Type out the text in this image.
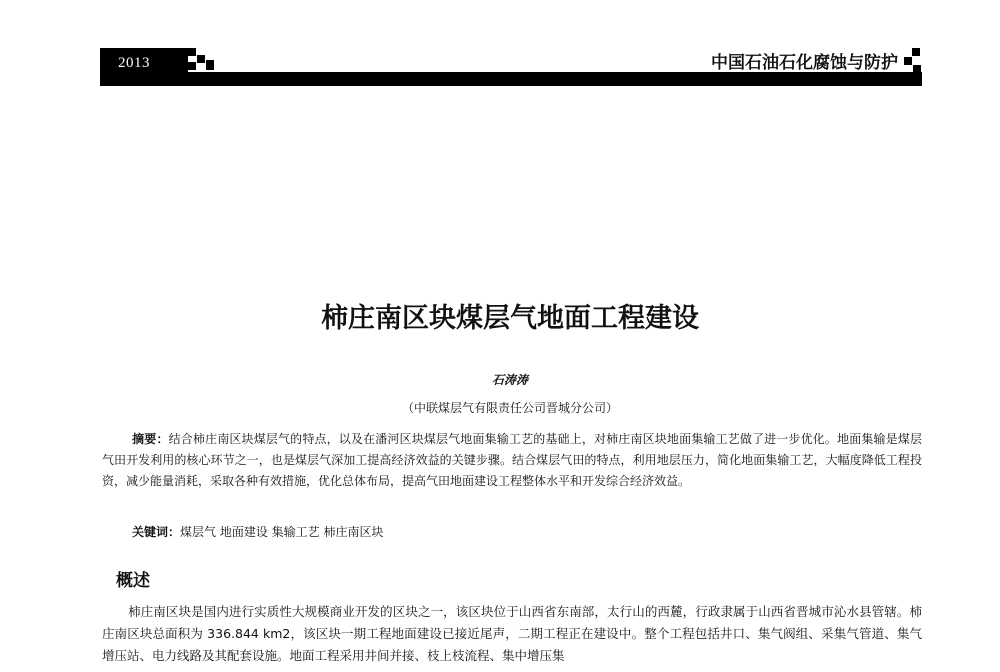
2013	中国石油石化腐蚀与防护
柿庄南区块煤层气地面工程建设
石涛涛
（中联煤层气有限责任公司晋城分公司）
摘要：结合柿庄南区块煤层气的特点，以及在潘河区块煤层气地面集输工艺的基础上，对柿庄南区块地面集输工艺做了进一步优化。地面集输是煤层气田开发利用的核心环节之一，也是煤层气深加工提高经济效益的关键步骤。结合煤层气田的特点，利用地层压力，简化地面集输工艺，大幅度降低工程投资，减少能量消耗，采取各种有效措施，优化总体布局，提高气田地面建设工程整体水平和开发综合经济效益。
关键词：煤层气 地面建设 集输工艺 柿庄南区块
概述
柿庄南区块是国内进行实质性大规模商业开发的区块之一，该区块位于山西省东南部，太行山的西麓，行政隶属于山西省晋城市沁水县管辖。柿庄南区块总面积为 336.844 km2，该区块一期工程地面建设已接近尾声，二期工程正在建设中。整个工程包括井口、集气阀组、采集气管道、集气增压站、电力线路及其配套设施。地面工程采用井间并接、枝上枝流程、集中增压集
